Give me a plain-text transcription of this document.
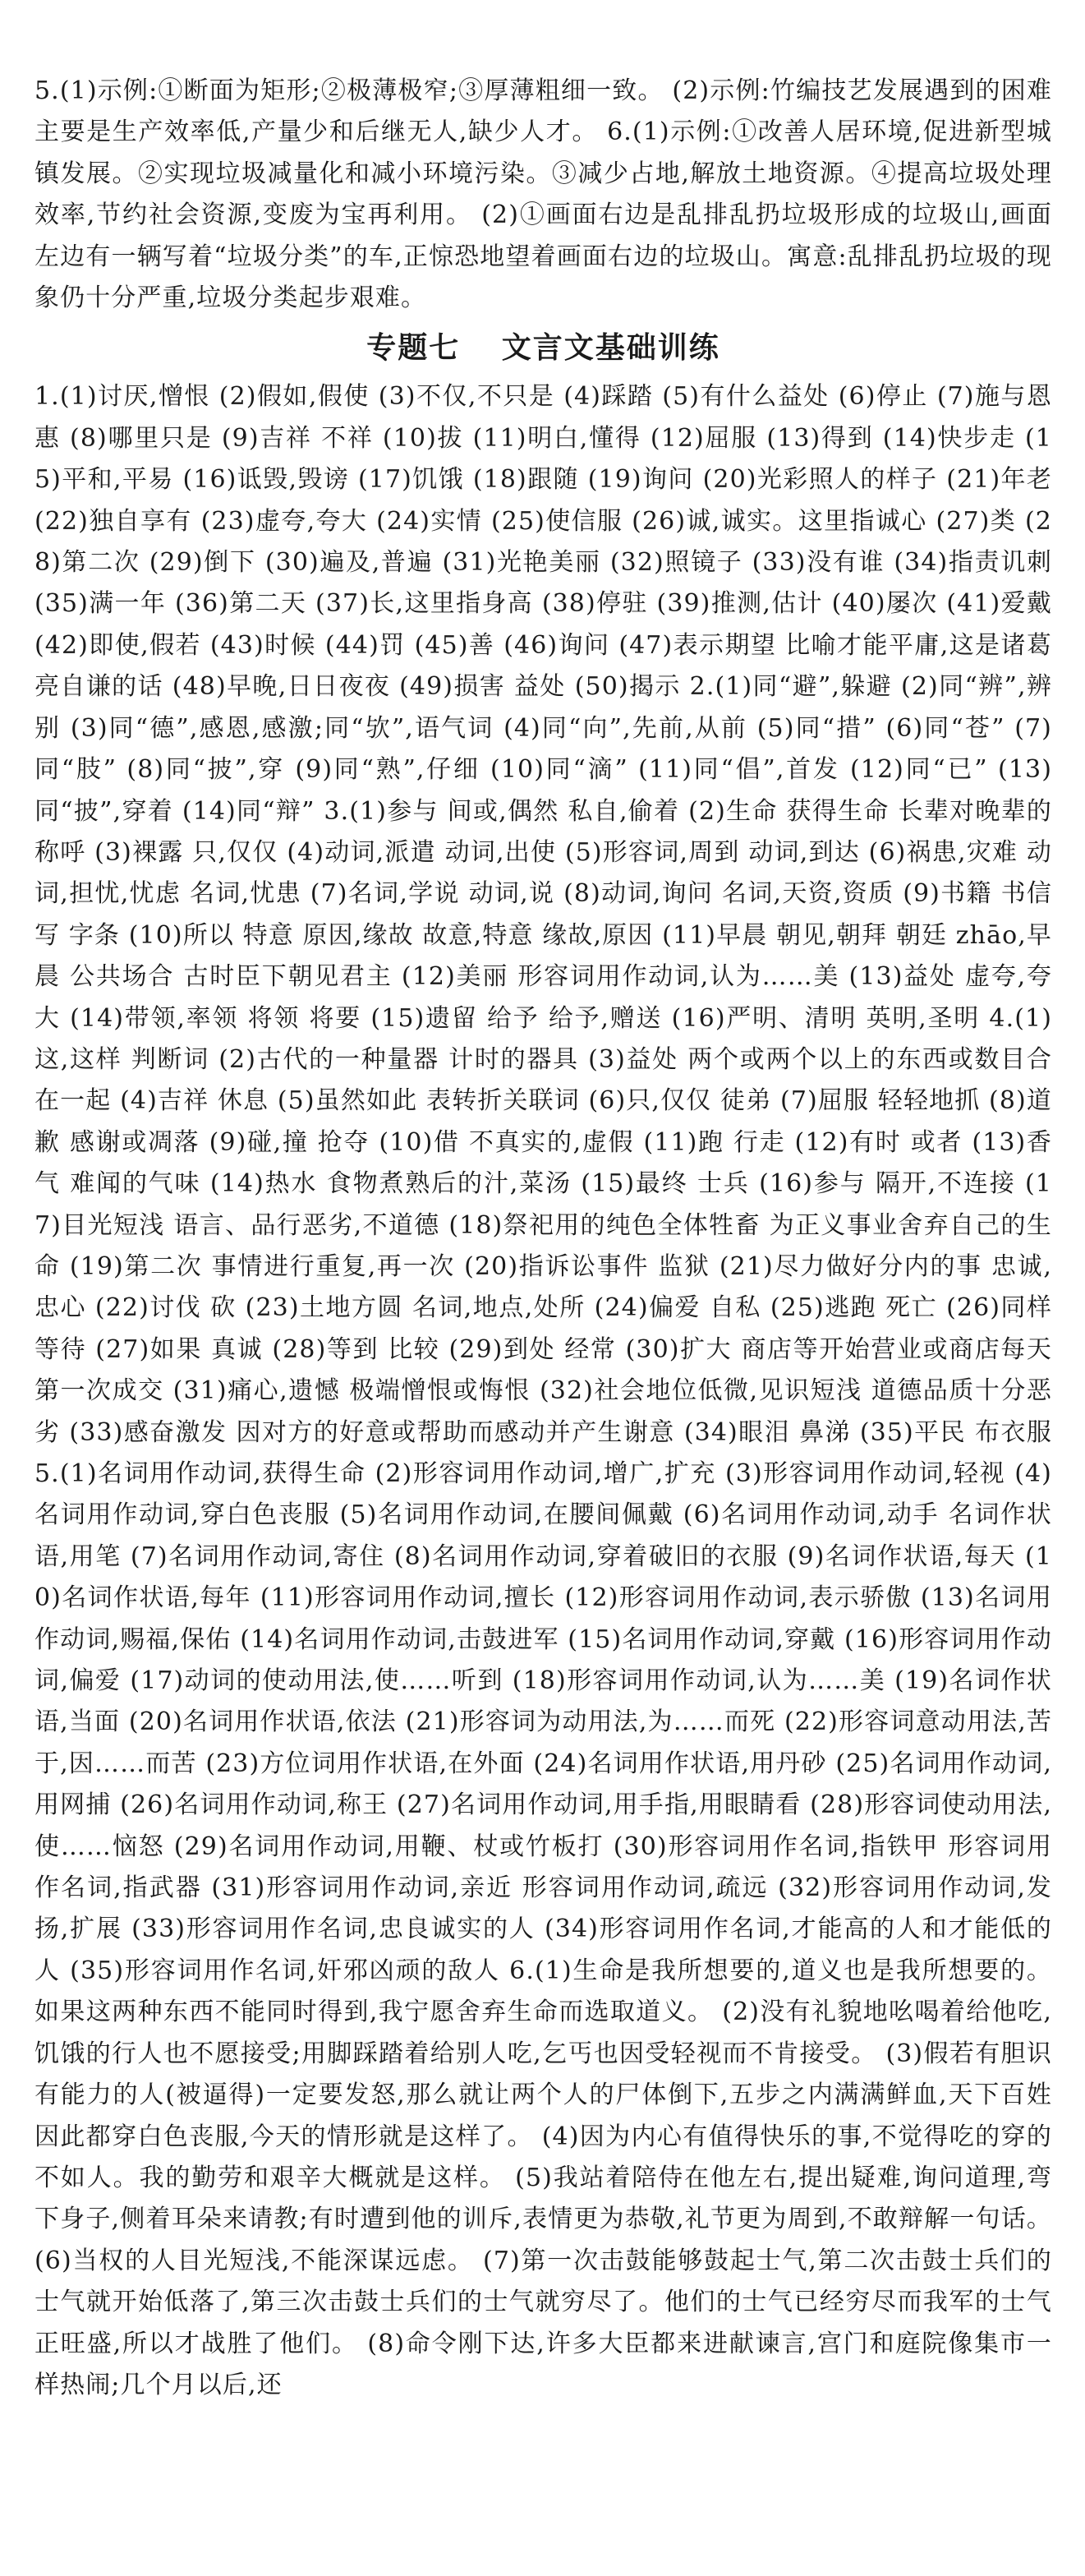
5.(1)示例:①断面为矩形;②极薄极窄;③厚薄粗细一致。 (2)示例:竹编技艺发展遇到的困难主要是生产效率低,产量少和后继无人,缺少人才。 6.(1)示例:①改善人居环境,促进新型城镇发展。②实现垃圾减量化和减小环境污染。③减少占地,解放土地资源。④提高垃圾处理效率,节约社会资源,变废为宝再利用。 (2)①画面右边是乱排乱扔垃圾形成的垃圾山,画面左边有一辆写着“垃圾分类”的车,正惊恐地望着画面右边的垃圾山。寓意:乱排乱扔垃圾的现象仍十分严重,垃圾分类起步艰难。

专题七 文言文基础训练

1.(1)讨厌,憎恨 (2)假如,假使 (3)不仅,不只是 (4)踩踏 (5)有什么益处 (6)停止 (7)施与恩惠 (8)哪里只是 (9)吉祥 不祥 (10)拔 (11)明白,懂得 (12)屈服 (13)得到 (14)快步走 (15)平和,平易 (16)诋毁,毁谤 (17)饥饿 (18)跟随 (19)询问 (20)光彩照人的样子 (21)年老 (22)独自享有 (23)虚夸,夸大 (24)实情 (25)使信服 (26)诚,诚实。这里指诚心 (27)类 (28)第二次 (29)倒下 (30)遍及,普遍 (31)光艳美丽 (32)照镜子 (33)没有谁 (34)指责讥刺 (35)满一年 (36)第二天 (37)长,这里指身高 (38)停驻 (39)推测,估计 (40)屡次 (41)爱戴 (42)即使,假若 (43)时候 (44)罚 (45)善 (46)询问 (47)表示期望 比喻才能平庸,这是诸葛亮自谦的话 (48)早晚,日日夜夜 (49)损害 益处 (50)揭示 2.(1)同“避”,躲避 (2)同“辨”,辨别 (3)同“德”,感恩,感激;同“欤”,语气词 (4)同“向”,先前,从前 (5)同“措” (6)同“苍” (7)同“肢” (8)同“披”,穿 (9)同“熟”,仔细 (10)同“滴” (11)同“倡”,首发 (12)同“已” (13)同“披”,穿着 (14)同“辩” 3.(1)参与 间或,偶然 私自,偷着 (2)生命 获得生命 长辈对晚辈的称呼 (3)裸露 只,仅仅 (4)动词,派遣 动词,出使 (5)形容词,周到 动词,到达 (6)祸患,灾难 动词,担忧,忧虑 名词,忧患 (7)名词,学说 动词,说 (8)动词,询问 名词,天资,资质 (9)书籍 书信 写 字条 (10)所以 特意 原因,缘故 故意,特意 缘故,原因 (11)早晨 朝见,朝拜 朝廷 zhāo,早晨 公共场合 古时臣下朝见君主 (12)美丽 形容词用作动词,认为……美 (13)益处 虚夸,夸大 (14)带领,率领 将领 将要 (15)遗留 给予 给予,赠送 (16)严明、清明 英明,圣明 4.(1)这,这样 判断词 (2)古代的一种量器 计时的器具 (3)益处 两个或两个以上的东西或数目合在一起 (4)吉祥 休息 (5)虽然如此 表转折关联词 (6)只,仅仅 徒弟 (7)屈服 轻轻地抓 (8)道歉 感谢或凋落 (9)碰,撞 抢夺 (10)借 不真实的,虚假 (11)跑 行走 (12)有时 或者 (13)香气 难闻的气味 (14)热水 食物煮熟后的汁,菜汤 (15)最终 士兵 (16)参与 隔开,不连接 (17)目光短浅 语言、品行恶劣,不道德 (18)祭祀用的纯色全体牲畜 为正义事业舍弃自己的生命 (19)第二次 事情进行重复,再一次 (20)指诉讼事件 监狱 (21)尽力做好分内的事 忠诚,忠心 (22)讨伐 砍 (23)土地方圆 名词,地点,处所 (24)偏爱 自私 (25)逃跑 死亡 (26)同样 等待 (27)如果 真诚 (28)等到 比较 (29)到处 经常 (30)扩大 商店等开始营业或商店每天第一次成交 (31)痛心,遗憾 极端憎恨或悔恨 (32)社会地位低微,见识短浅 道德品质十分恶劣 (33)感奋激发 因对方的好意或帮助而感动并产生谢意 (34)眼泪 鼻涕 (35)平民 布衣服 5.(1)名词用作动词,获得生命 (2)形容词用作动词,增广,扩充 (3)形容词用作动词,轻视 (4)名词用作动词,穿白色丧服 (5)名词用作动词,在腰间佩戴 (6)名词用作动词,动手 名词作状语,用笔 (7)名词用作动词,寄住 (8)名词用作动词,穿着破旧的衣服 (9)名词作状语,每天 (10)名词作状语,每年 (11)形容词用作动词,擅长 (12)形容词用作动词,表示骄傲 (13)名词用作动词,赐福,保佑 (14)名词用作动词,击鼓进军 (15)名词用作动词,穿戴 (16)形容词用作动词,偏爱 (17)动词的使动用法,使……听到 (18)形容词用作动词,认为……美 (19)名词作状语,当面 (20)名词用作状语,依法 (21)形容词为动用法,为……而死 (22)形容词意动用法,苦于,因……而苦 (23)方位词用作状语,在外面 (24)名词用作状语,用丹砂 (25)名词用作动词,用网捕 (26)名词用作动词,称王 (27)名词用作动词,用手指,用眼睛看 (28)形容词使动用法,使……恼怒 (29)名词用作动词,用鞭、杖或竹板打 (30)形容词用作名词,指铁甲 形容词用作名词,指武器 (31)形容词用作动词,亲近 形容词用作动词,疏远 (32)形容词用作动词,发扬,扩展 (33)形容词用作名词,忠良诚实的人 (34)形容词用作名词,才能高的人和才能低的人 (35)形容词用作名词,奸邪凶顽的敌人 6.(1)生命是我所想要的,道义也是我所想要的。如果这两种东西不能同时得到,我宁愿舍弃生命而选取道义。 (2)没有礼貌地吆喝着给他吃,饥饿的行人也不愿接受;用脚踩踏着给别人吃,乞丐也因受轻视而不肯接受。 (3)假若有胆识有能力的人(被逼得)一定要发怒,那么就让两个人的尸体倒下,五步之内满满鲜血,天下百姓因此都穿白色丧服,今天的情形就是这样了。 (4)因为内心有值得快乐的事,不觉得吃的穿的不如人。我的勤劳和艰辛大概就是这样。 (5)我站着陪侍在他左右,提出疑难,询问道理,弯下身子,侧着耳朵来请教;有时遭到他的训斥,表情更为恭敬,礼节更为周到,不敢辩解一句话。 (6)当权的人目光短浅,不能深谋远虑。 (7)第一次击鼓能够鼓起士气,第二次击鼓士兵们的士气就开始低落了,第三次击鼓士兵们的士气就穷尽了。他们的士气已经穷尽而我军的士气正旺盛,所以才战胜了他们。 (8)命令刚下达,许多大臣都来进献谏言,宫门和庭院像集市一样热闹;几个月以后,还
